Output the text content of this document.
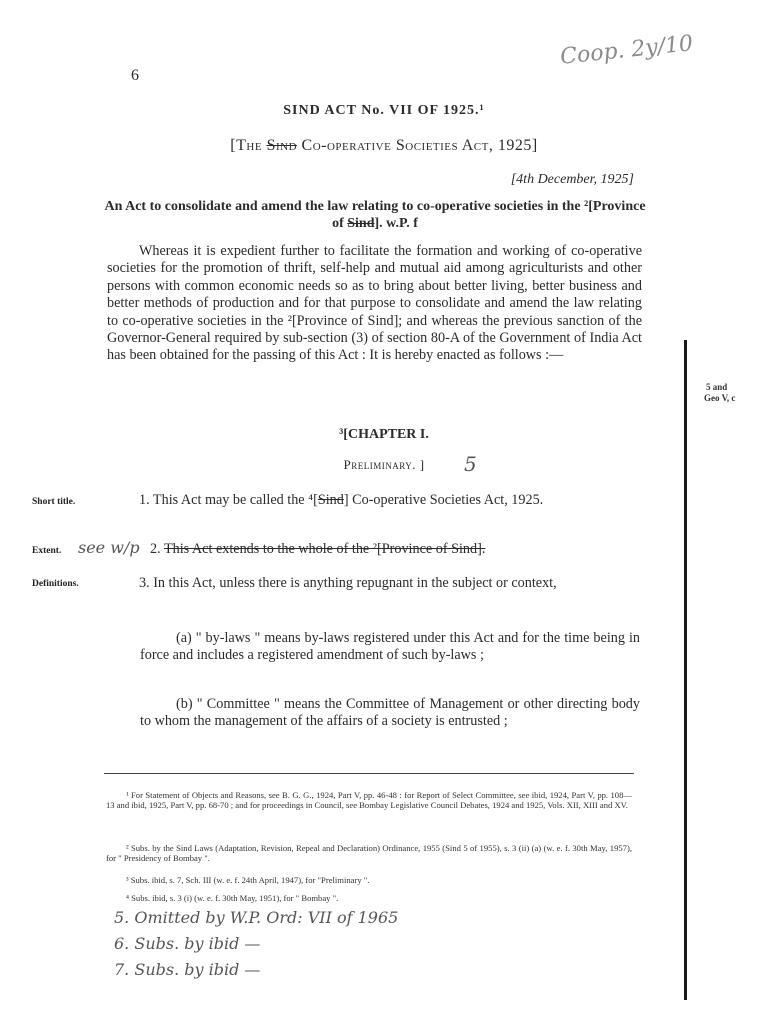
6
Coop. 2y/10
SIND ACT No. VII OF 1925.¹
[The Sind Co-operative Societies Act, 1925]
[4th December, 1925]
An Act to consolidate and amend the law relating to co-operative societies in the ²[Province of Sind]. w.P. f
Whereas it is expedient further to facilitate the formation and working of co-operative societies for the promotion of thrift, self-help and mutual aid among agriculturists and other persons with common economic needs so as to bring about better living, better business and better methods of production and for that purpose to consolidate and amend the law relating to co-operative societies in the ²[Province of Sind]; and whereas the previous sanction of the Governor-General required by sub-section (3) of section 80-A of the Government of India Act has been obtained for the passing of this Act : It is hereby enacted as follows :—
5 and
Geo V, c
³[CHAPTER I.
Preliminary. ]	5
Short title.	1. This Act may be called the ⁴[Sind] Co-operative Societies Act, 1925.
Extent. see w/p 2. This Act extends to the whole of the ²[Province of Sind].
Definitions.	3. In this Act, unless there is anything repugnant in the subject or context,
(a) " by-laws " means by-laws registered under this Act and for the time being in force and includes a registered amendment of such by-laws ;
(b) " Committee " means the Committee of Management or other directing body to whom the management of the affairs of a society is entrusted ;
¹ For Statement of Objects and Reasons, see B. G. G., 1924, Part V, pp. 46-48 : for Report of Select Committee, see ibid, 1924, Part V, pp. 108—13 and ibid, 1925, Part V, pp. 68-70 ; and for proceedings in Council, see Bombay Legislative Council Debates, 1924 and 1925, Vols. XII, XIII and XV.
² Subs. by the Sind Laws (Adaptation, Revision, Repeal and Declaration) Ordinance, 1955 (Sind 5 of 1955), s. 3 (ii) (a) (w. e. f. 30th May, 1957), for " Presidency of Bombay ".
³ Subs. ibid, s. 7, Sch. III (w. e. f. 24th April, 1947), for "Preliminary ".
⁴ Subs. ibid, s. 3 (i) (w. e. f. 30th May, 1951), for " Bombay ".
5. Omitted by W.P. Ord: VII of 1965
6. Subs. by ibid —
7. Subs. by ibid —
